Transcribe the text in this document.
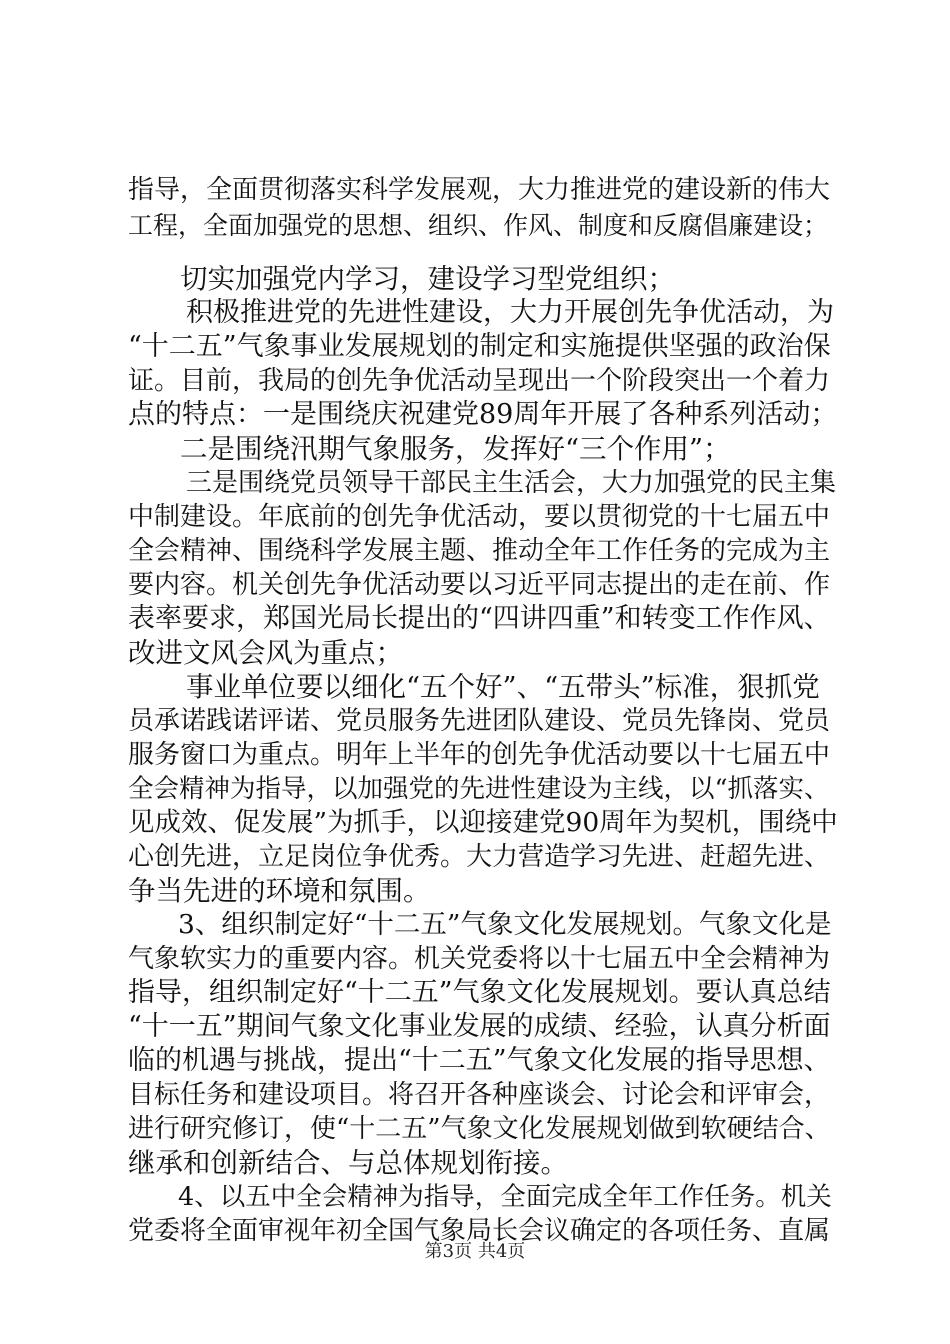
指导，全面贯彻落实科学发展观，大力推进党的建设新的伟大
工程，全面加强党的思想、组织、作风、制度和反腐倡廉建设；
切实加强党内学习，建设学习型党组织；
积极推进党的先进性建设，大力开展创先争优活动，为
“十二五”气象事业发展规划的制定和实施提供坚强的政治保
证。目前，我局的创先争优活动呈现出一个阶段突出一个着力
点的特点：一是围绕庆祝建党89周年开展了各种系列活动；
二是围绕汛期气象服务，发挥好“三个作用”；
三是围绕党员领导干部民主生活会，大力加强党的民主集
中制建设。年底前的创先争优活动，要以贯彻党的十七届五中
全会精神、围绕科学发展主题、推动全年工作任务的完成为主
要内容。机关创先争优活动要以习近平同志提出的走在前、作
表率要求，郑国光局长提出的“四讲四重”和转变工作作风、
改进文风会风为重点；
事业单位要以细化“五个好”、“五带头”标准，狠抓党
员承诺践诺评诺、党员服务先进团队建设、党员先锋岗、党员
服务窗口为重点。明年上半年的创先争优活动要以十七届五中
全会精神为指导，以加强党的先进性建设为主线，以“抓落实、
见成效、促发展”为抓手，以迎接建党90周年为契机，围绕中
心创先进，立足岗位争优秀。大力营造学习先进、赶超先进、
争当先进的环境和氛围。
3、组织制定好“十二五”气象文化发展规划。气象文化是
气象软实力的重要内容。机关党委将以十七届五中全会精神为
指导，组织制定好“十二五”气象文化发展规划。要认真总结
“十一五”期间气象文化事业发展的成绩、经验，认真分析面
临的机遇与挑战，提出“十二五”气象文化发展的指导思想、
目标任务和建设项目。将召开各种座谈会、讨论会和评审会，
进行研究修订，使“十二五”气象文化发展规划做到软硬结合、
继承和创新结合、与总体规划衔接。
4、以五中全会精神为指导，全面完成全年工作任务。机关
党委将全面审视年初全国气象局长会议确定的各项任务、直属
第3页 共4页
